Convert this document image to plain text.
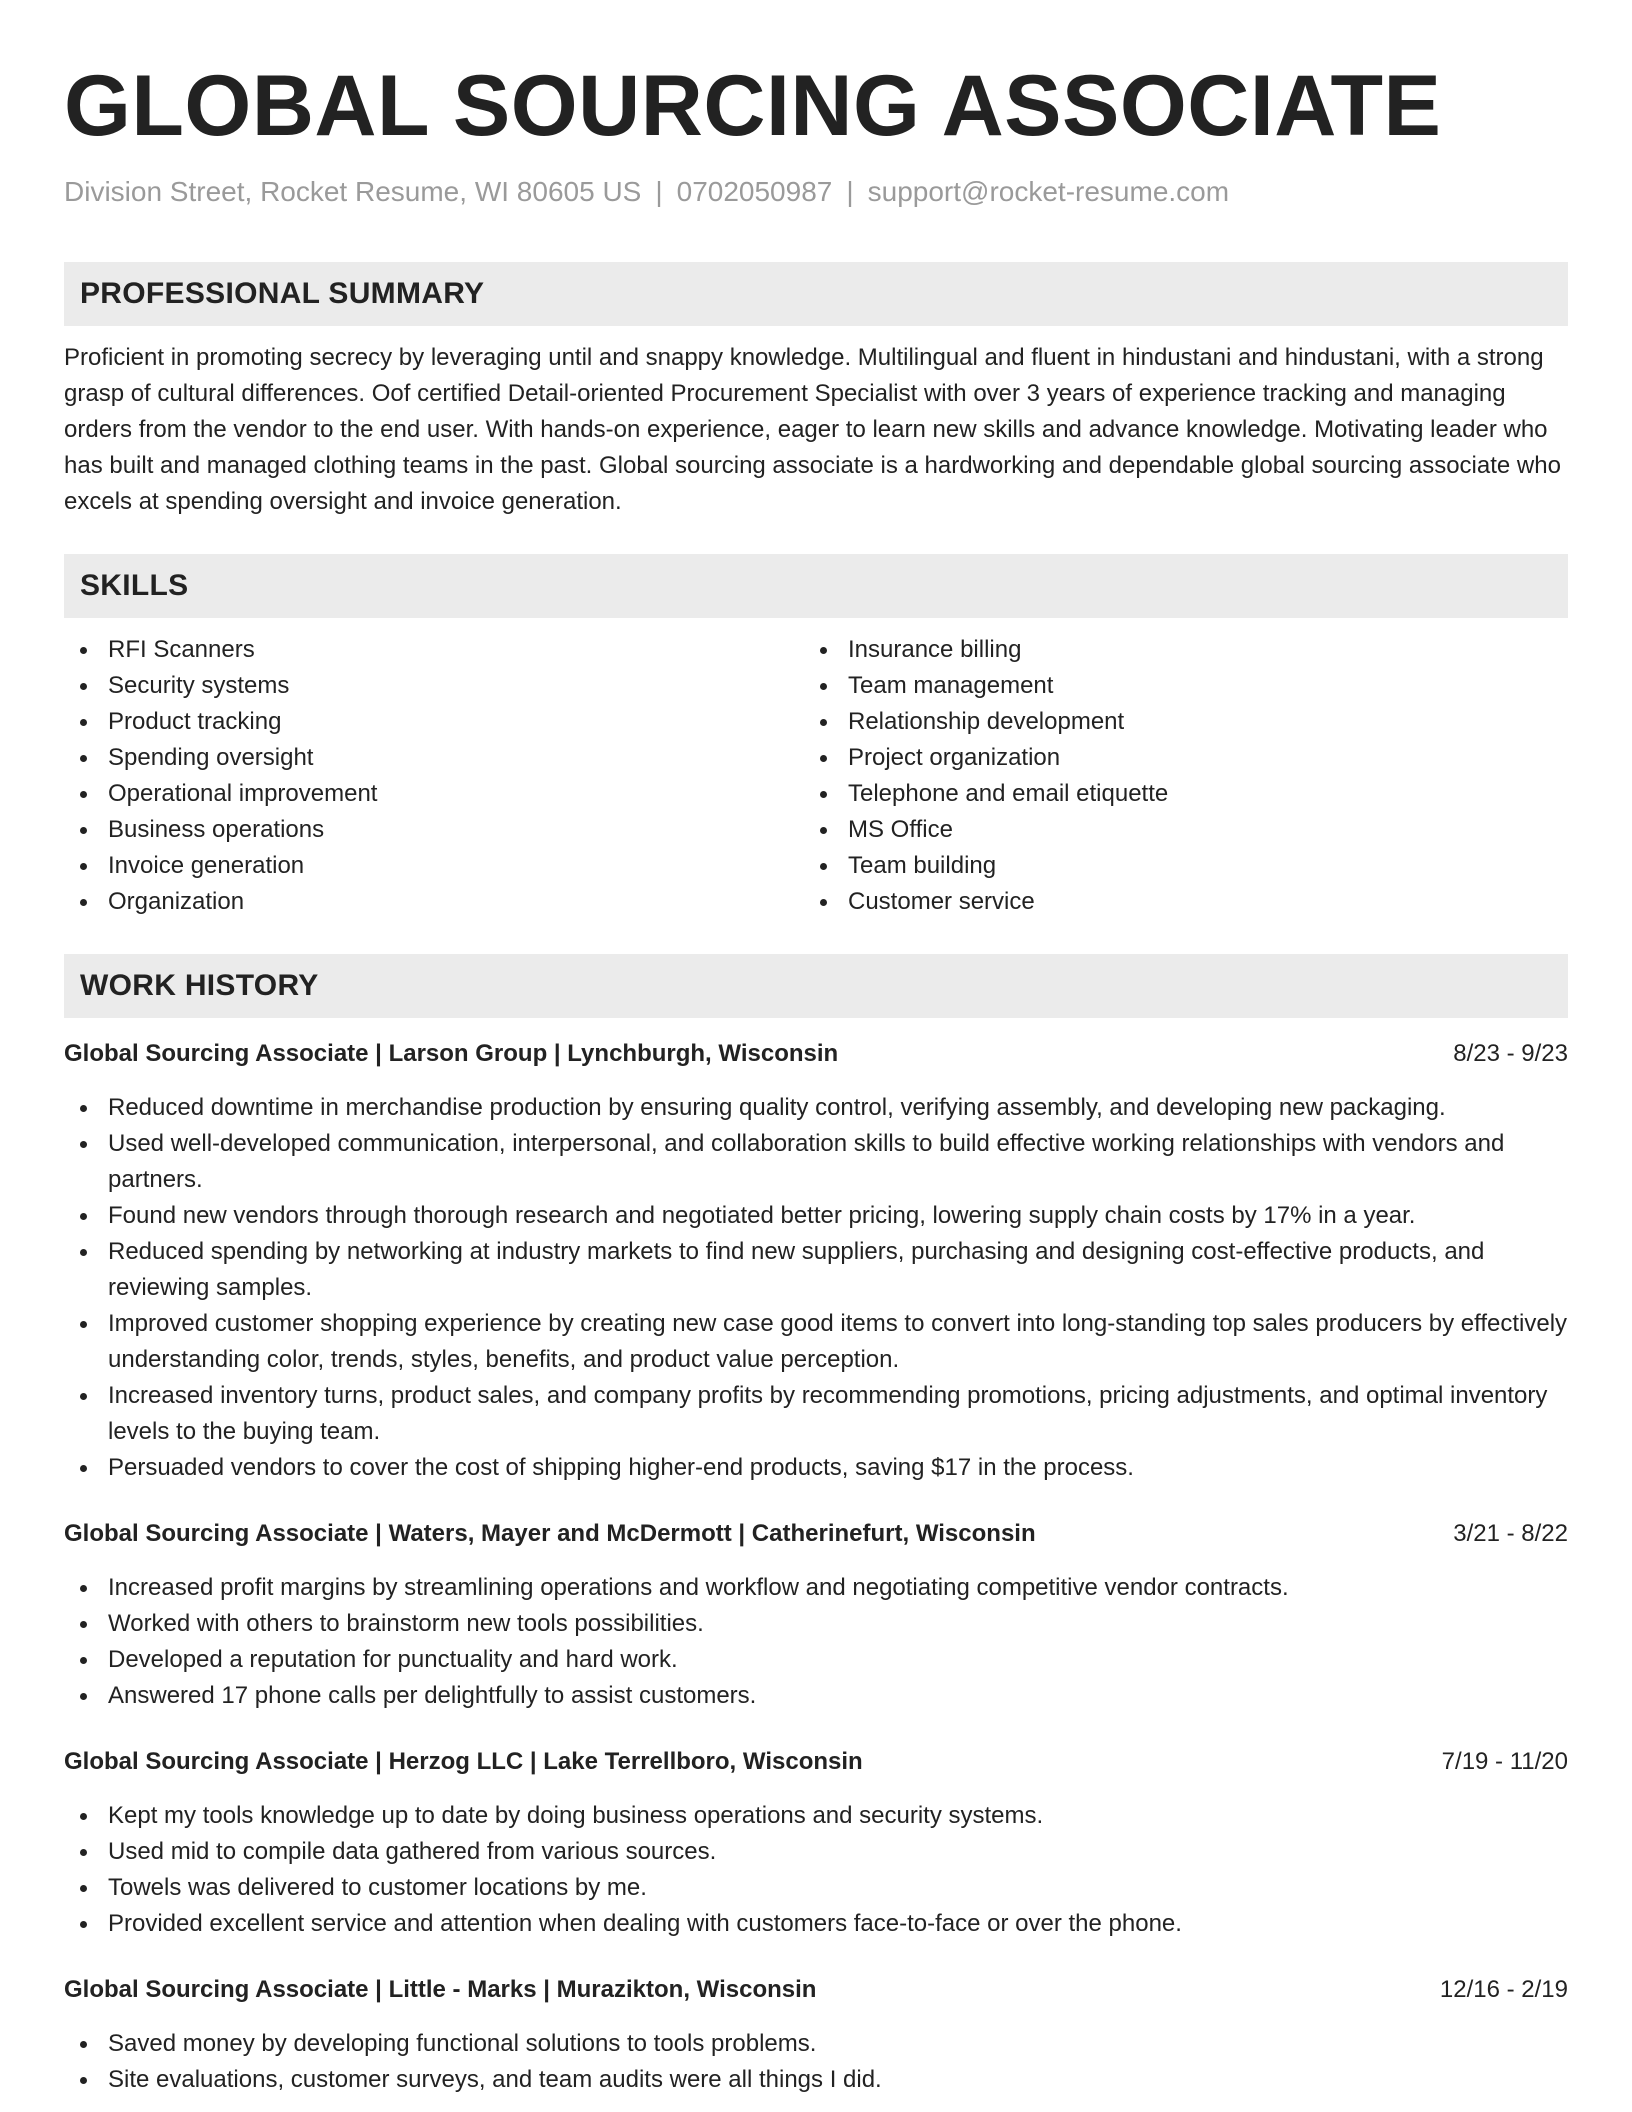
GLOBAL SOURCING ASSOCIATE
Division Street, Rocket Resume, WI 80605 US | 0702050987 | support@rocket-resume.com
PROFESSIONAL SUMMARY
Proficient in promoting secrecy by leveraging until and snappy knowledge. Multilingual and fluent in hindustani and hindustani, with a strong grasp of cultural differences. Oof certified Detail-oriented Procurement Specialist with over 3 years of experience tracking and managing orders from the vendor to the end user. With hands-on experience, eager to learn new skills and advance knowledge. Motivating leader who has built and managed clothing teams in the past. Global sourcing associate is a hardworking and dependable global sourcing associate who excels at spending oversight and invoice generation.
SKILLS
RFI Scanners
Security systems
Product tracking
Spending oversight
Operational improvement
Business operations
Invoice generation
Organization
Insurance billing
Team management
Relationship development
Project organization
Telephone and email etiquette
MS Office
Team building
Customer service
WORK HISTORY
Global Sourcing Associate | Larson Group | Lynchburgh, Wisconsin	8/23 - 9/23
Reduced downtime in merchandise production by ensuring quality control, verifying assembly, and developing new packaging.
Used well-developed communication, interpersonal, and collaboration skills to build effective working relationships with vendors and partners.
Found new vendors through thorough research and negotiated better pricing, lowering supply chain costs by 17% in a year.
Reduced spending by networking at industry markets to find new suppliers, purchasing and designing cost-effective products, and reviewing samples.
Improved customer shopping experience by creating new case good items to convert into long-standing top sales producers by effectively understanding color, trends, styles, benefits, and product value perception.
Increased inventory turns, product sales, and company profits by recommending promotions, pricing adjustments, and optimal inventory levels to the buying team.
Persuaded vendors to cover the cost of shipping higher-end products, saving $17 in the process.
Global Sourcing Associate | Waters, Mayer and McDermott | Catherinefurt, Wisconsin	3/21 - 8/22
Increased profit margins by streamlining operations and workflow and negotiating competitive vendor contracts.
Worked with others to brainstorm new tools possibilities.
Developed a reputation for punctuality and hard work.
Answered 17 phone calls per delightfully to assist customers.
Global Sourcing Associate | Herzog LLC | Lake Terrellboro, Wisconsin	7/19 - 11/20
Kept my tools knowledge up to date by doing business operations and security systems.
Used mid to compile data gathered from various sources.
Towels was delivered to customer locations by me.
Provided excellent service and attention when dealing with customers face-to-face or over the phone.
Global Sourcing Associate | Little - Marks | Murazikton, Wisconsin	12/16 - 2/19
Saved money by developing functional solutions to tools problems.
Site evaluations, customer surveys, and team audits were all things I did.
